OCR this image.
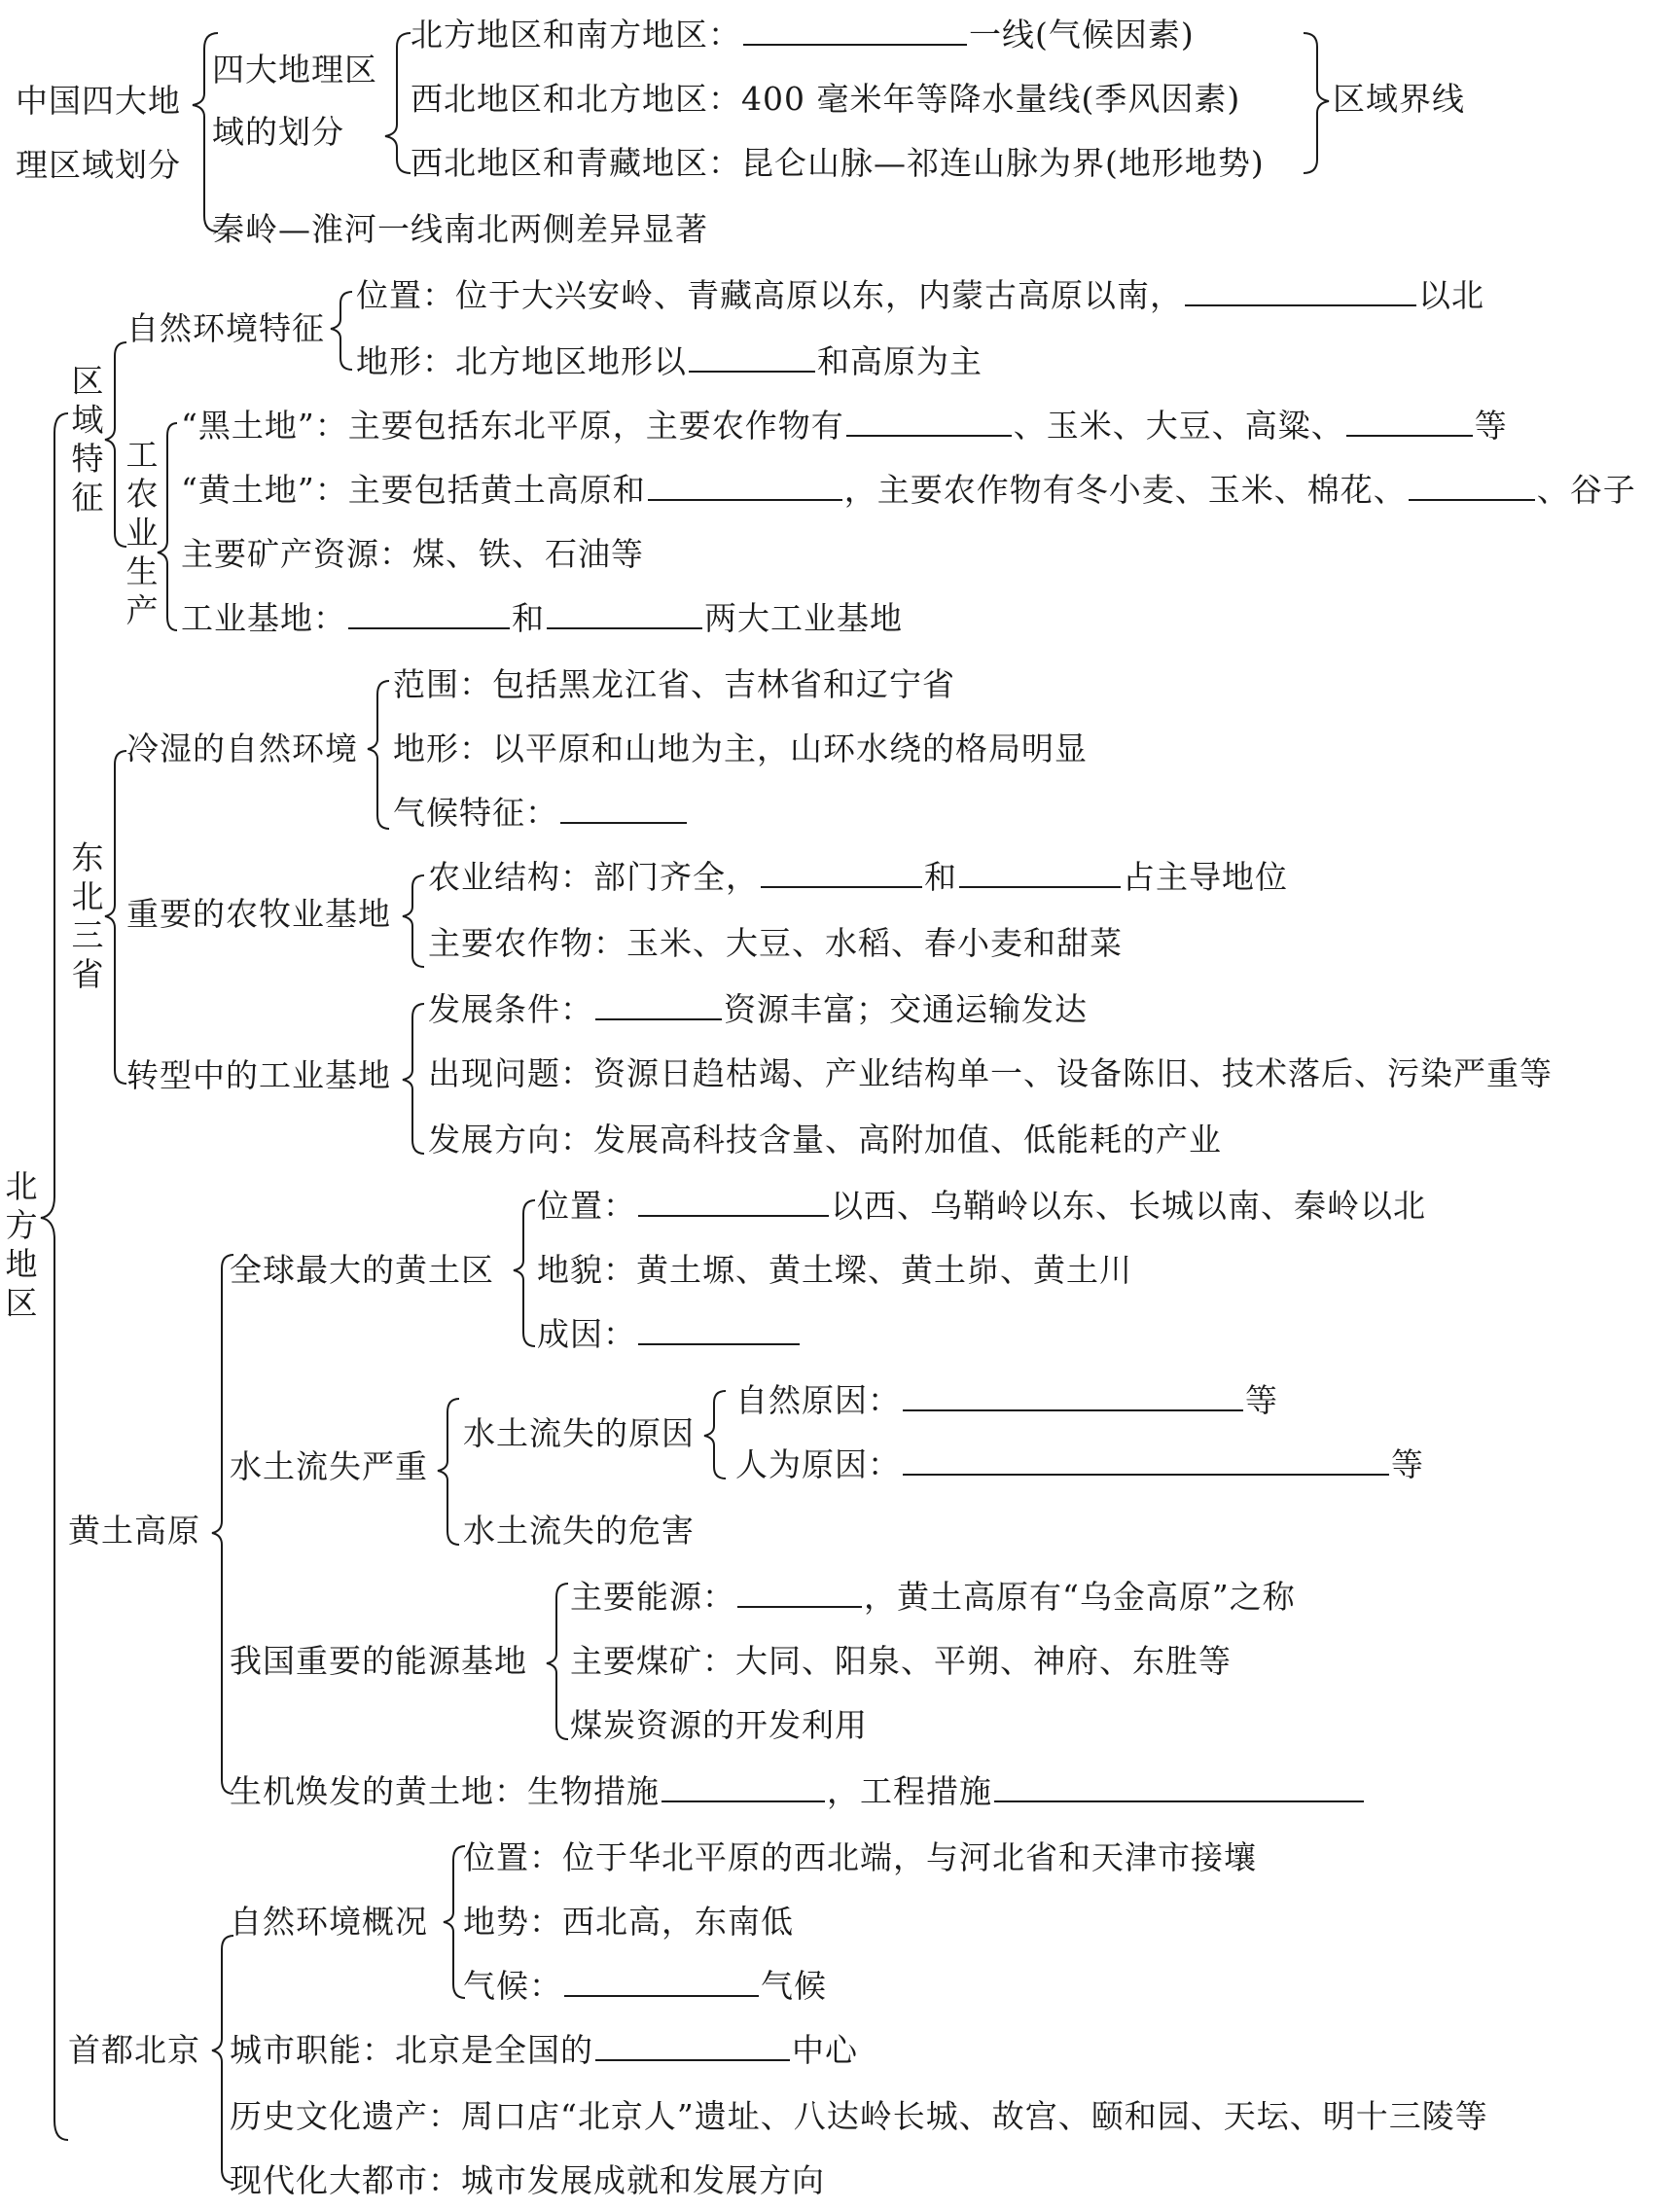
中国四大地
理区域划分
四大地理区
域的划分
北方地区和南方地区：	一线(气候因素)
西北地区和北方地区：400 毫米年等降水量线(季风因素)
西北地区和青藏地区：昆仑山脉—祁连山脉为界(地形地势)
区域界线
秦岭—淮河一线南北两侧差异显著
北方地区
区域特征
自然环境特征
位置：位于大兴安岭、青藏高原以东，内蒙古高原以南，	以北
地形：北方地区地形以	和高原为主
工农业生产
“黑土地”：主要包括东北平原，主要农作物有	、玉米、大豆、高粱、	等
“黄土地”：主要包括黄土高原和	，主要农作物有冬小麦、玉米、棉花、	、谷子
主要矿产资源：煤、铁、石油等
工业基地：	和	两大工业基地
东北三省
冷湿的自然环境
范围：包括黑龙江省、吉林省和辽宁省
地形：以平原和山地为主，山环水绕的格局明显
气候特征：
重要的农牧业基地
农业结构：部门齐全，	和	占主导地位
主要农作物：玉米、大豆、水稻、春小麦和甜菜
转型中的工业基地
发展条件：	资源丰富；交通运输发达
出现问题：资源日趋枯竭、产业结构单一、设备陈旧、技术落后、污染严重等
发展方向：发展高科技含量、高附加值、低能耗的产业
黄土高原
全球最大的黄土区
位置：	以西、乌鞘岭以东、长城以南、秦岭以北
地貌：黄土塬、黄土墚、黄土峁、黄土川
成因：
水土流失严重
水土流失的原因
自然原因：	等
人为原因：	等
水土流失的危害
我国重要的能源基地
主要能源：	，黄土高原有“乌金高原”之称
主要煤矿：大同、阳泉、平朔、神府、东胜等
煤炭资源的开发利用
生机焕发的黄土地：生物措施	，工程措施
首都北京
自然环境概况
位置：位于华北平原的西北端，与河北省和天津市接壤
地势：西北高，东南低
气候：	气候
城市职能：北京是全国的	中心
历史文化遗产：周口店“北京人”遗址、八达岭长城、故宫、颐和园、天坛、明十三陵等
现代化大都市：城市发展成就和发展方向
